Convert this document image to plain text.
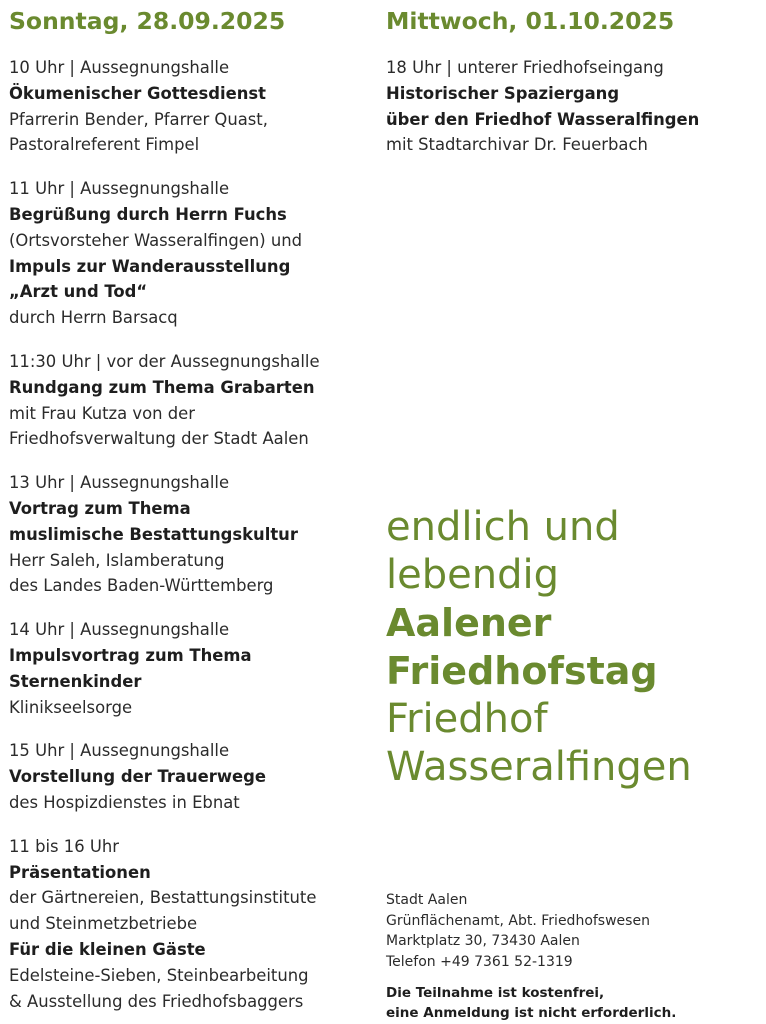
Sonntag, 28.09.2025
10 Uhr | Aussegnungshalle
Ökumenischer Gottesdienst
Pfarrerin Bender, Pfarrer Quast,
Pastoralreferent Fimpel
11 Uhr | Aussegnungshalle
Begrüßung durch Herrn Fuchs
(Ortsvorsteher Wasseralfingen) und
Impuls zur Wanderausstellung
„Arzt und Tod“
durch Herrn Barsacq
11:30 Uhr | vor der Aussegnungshalle
Rundgang zum Thema Grabarten
mit Frau Kutza von der
Friedhofsverwaltung der Stadt Aalen
13 Uhr | Aussegnungshalle
Vortrag zum Thema
muslimische Bestattungskultur
Herr Saleh, Islamberatung
des Landes Baden-Württemberg
14 Uhr | Aussegnungshalle
Impulsvortrag zum Thema
Sternenkinder
Klinikseelsorge
15 Uhr | Aussegnungshalle
Vorstellung der Trauerwege
des Hospizdienstes in Ebnat
11 bis 16 Uhr
Präsentationen
der Gärtnereien, Bestattungsinstitute
und Steinmetzbetriebe
Für die kleinen Gäste
Edelsteine-Sieben, Steinbearbeitung
& Ausstellung des Friedhofsbaggers
Mittwoch, 01.10.2025
18 Uhr | unterer Friedhofseingang
Historischer Spaziergang
über den Friedhof Wasseralfingen
mit Stadtarchivar Dr. Feuerbach
endlich und
lebendig
Aalener
Friedhofstag
Friedhof
Wasseralfingen
Stadt Aalen
Grünflächenamt, Abt. Friedhofswesen
Marktplatz 30, 73430 Aalen
Telefon +49 7361 52-1319
Die Teilnahme ist kostenfrei,
eine Anmeldung ist nicht erforderlich.
